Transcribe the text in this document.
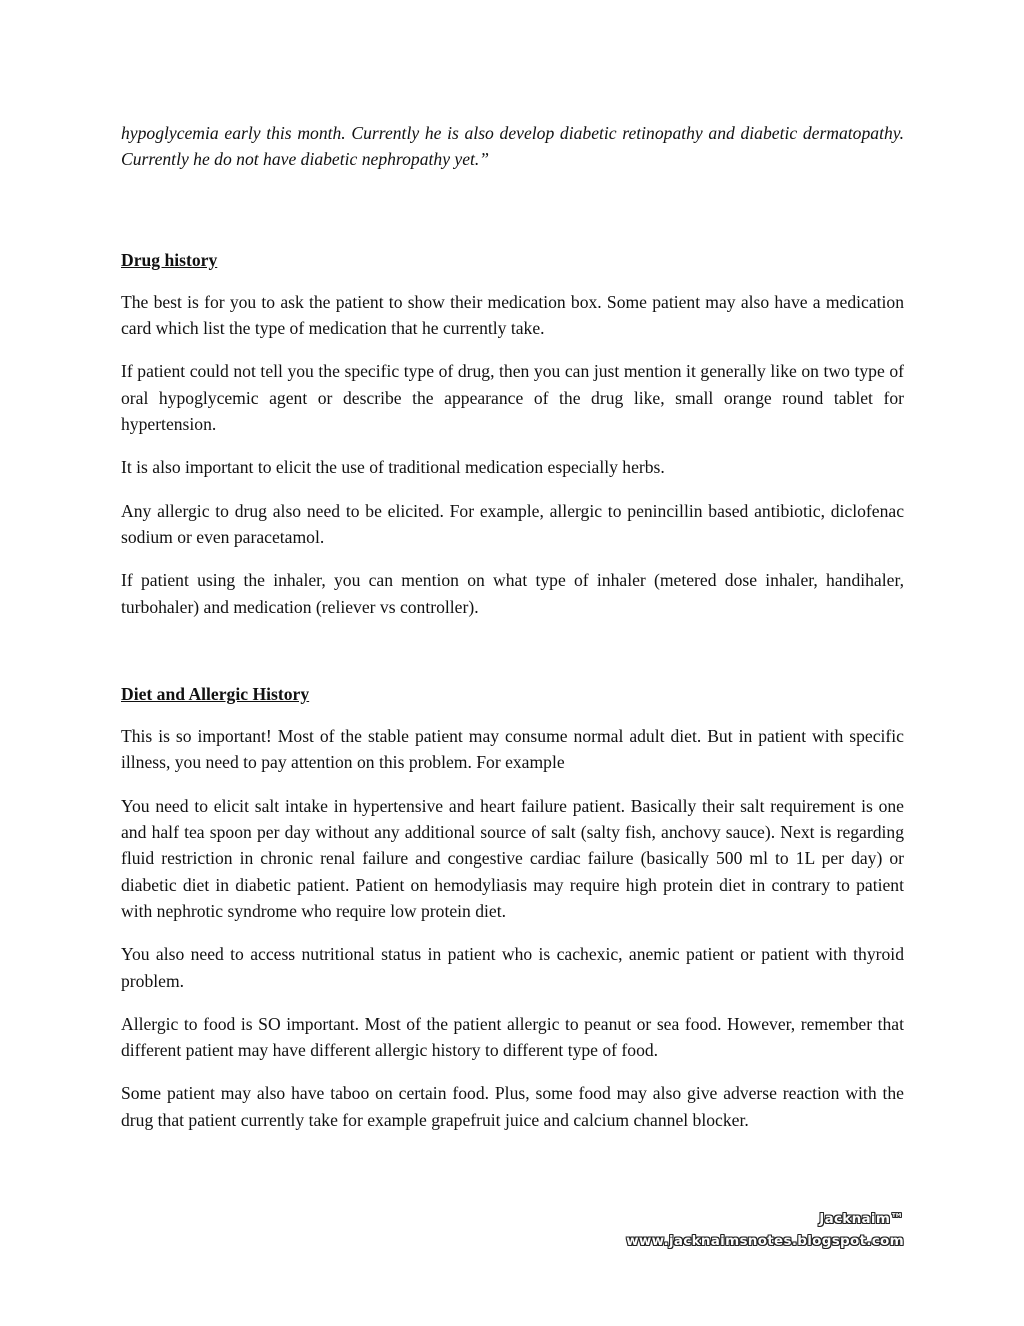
hypoglycemia early this month. Currently he is also develop diabetic retinopathy and diabetic dermatopathy. Currently he do not have diabetic nephropathy yet.”

Drug history

The best is for you to ask the patient to show their medication box. Some patient may also have a medication card which list the type of medication that he currently take.

If patient could not tell you the specific type of drug, then you can just mention it generally like on two type of oral hypoglycemic agent or describe the appearance of the drug like, small orange round tablet for hypertension.

It is also important to elicit the use of traditional medication especially herbs.

Any allergic to drug also need to be elicited. For example, allergic to penincillin based antibiotic, diclofenac sodium or even paracetamol.

If patient using the inhaler, you can mention on what type of inhaler (metered dose inhaler, handihaler, turbohaler) and medication (reliever vs controller).

Diet and Allergic History

This is so important! Most of the stable patient may consume normal adult diet. But in patient with specific illness, you need to pay attention on this problem. For example

You need to elicit salt intake in hypertensive and heart failure patient. Basically their salt requirement is one and half tea spoon per day without any additional source of salt (salty fish, anchovy sauce). Next is regarding fluid restriction in chronic renal failure and congestive cardiac failure (basically 500 ml to 1L per day) or diabetic diet in diabetic patient. Patient on hemodyliasis may require high protein diet in contrary to patient with nephrotic syndrome who require low protein diet.

You also need to access nutritional status in patient who is cachexic, anemic patient or patient with thyroid problem.

Allergic to food is SO important. Most of the patient allergic to peanut or sea food. However, remember that different patient may have different allergic history to different type of food.

Some patient may also have taboo on certain food. Plus, some food may also give adverse reaction with the drug that patient currently take for example grapefruit juice and calcium channel blocker.

Jacknaim™
www.jacknaimsnotes.blogspot.com
